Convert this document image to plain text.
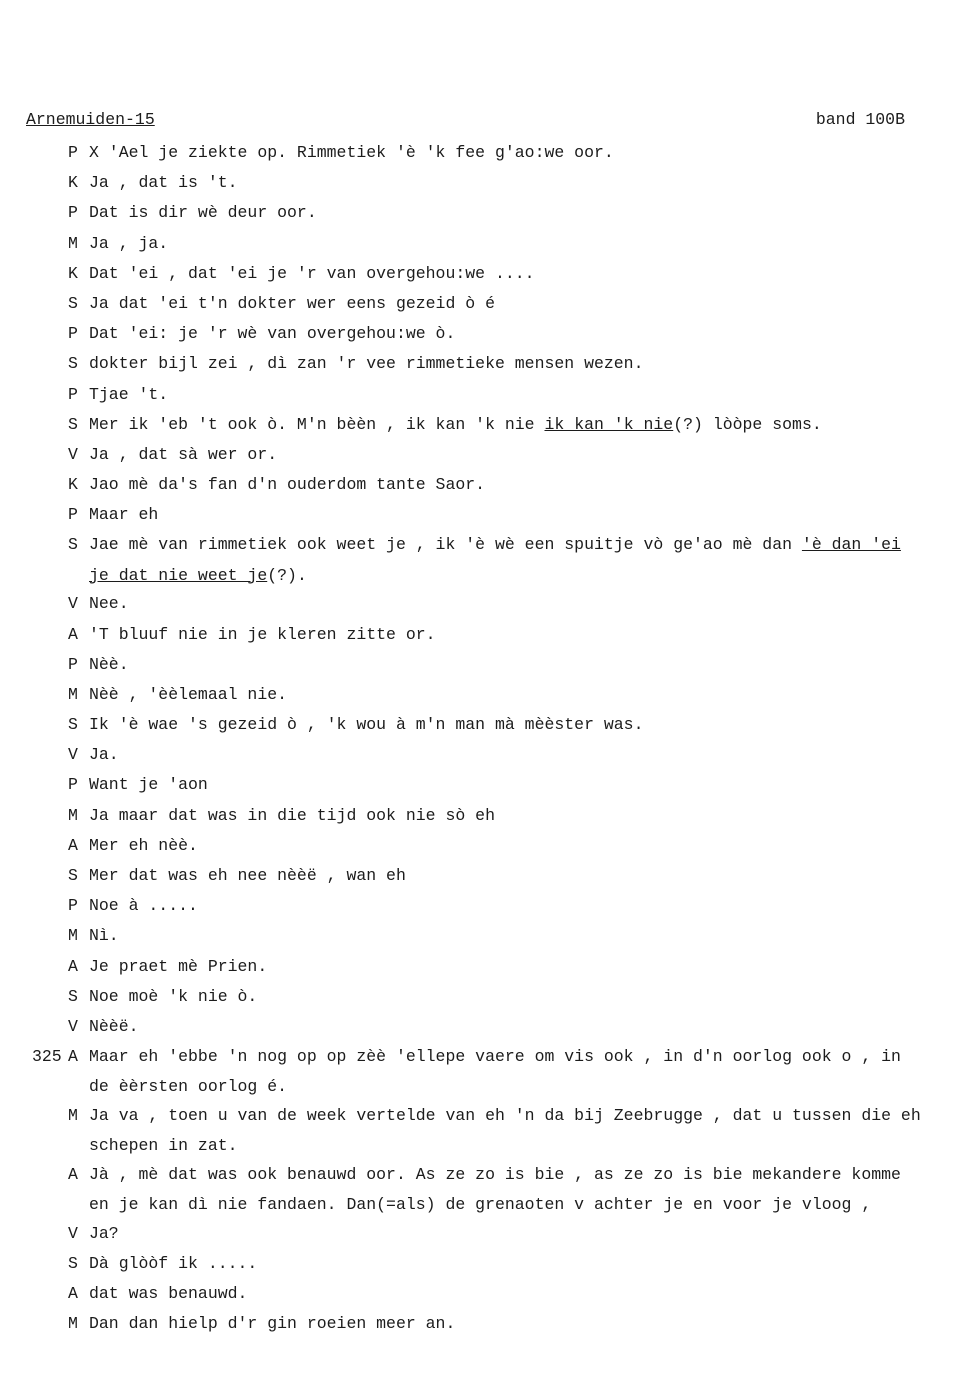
Arnemuiden-15	band 100B
P X 'Ael je ziekte op. Rimmetiek 'è 'k fee g'ao:we oor.
K Ja , dat is 't.
P Dat is dir wè deur oor.
M Ja , ja.
K Dat 'ei , dat 'ei je 'r van overgehou:we ....
S Ja dat 'ei t'n dokter wer eens gezeid ò é
P Dat 'ei: je 'r wè van overgehou:we ò.
S dokter bijl zei , dì zan 'r vee rimmetieke mensen wezen.
P Tjae 't.
S Mer ik 'eb 't ook ò. M'n bèèn , ik kan 'k nie ik kan 'k nie(?) lòòpe soms.
V Ja , dat sà wer or.
K Jao mè da's fan d'n ouderdom tante Saor.
P Maar eh
S Jae mè van rimmetiek ook weet je , ik 'è wè een spuitje vò ge'ao mè dan 'è dan 'ei
je dat nie weet je(?).
V Nee.
A 'T bluuf nie in je kleren zitte or.
P Nèè.
M Nèè , 'èèlemaal nie.
S Ik 'è wae 's gezeid ò , 'k wou à m'n man mà mèèster was.
V Ja.
P Want je 'aon
M Ja maar dat was in die tijd ook nie sò eh
A Mer eh nèè.
S Mer dat was eh nee nèèë , wan eh
P Noe à .....
M Nì.
A Je praet mè Prien.
S Noe moè 'k nie ò.
V Nèèë.
325 A Maar eh 'ebbe 'n nog op op zèè 'ellepe vaere om vis ook , in d'n oorlog ook o , in
de èèrsten oorlog é.
M Ja va , toen u van de week vertelde van eh 'n da bij Zeebrugge , dat u tussen die eh
schepen in zat.
A Jà , mè dat was ook benauwd oor. As ze zo is bie , as ze zo is bie mekandere komme
en je kan dì nie fandaen. Dan(=als) de grenaoten v achter je en voor je vloog ,
V Ja?
S Dà glòòf ik .....
A dat was benauwd.
M Dan dan hielp d'r gin roeien meer an.
